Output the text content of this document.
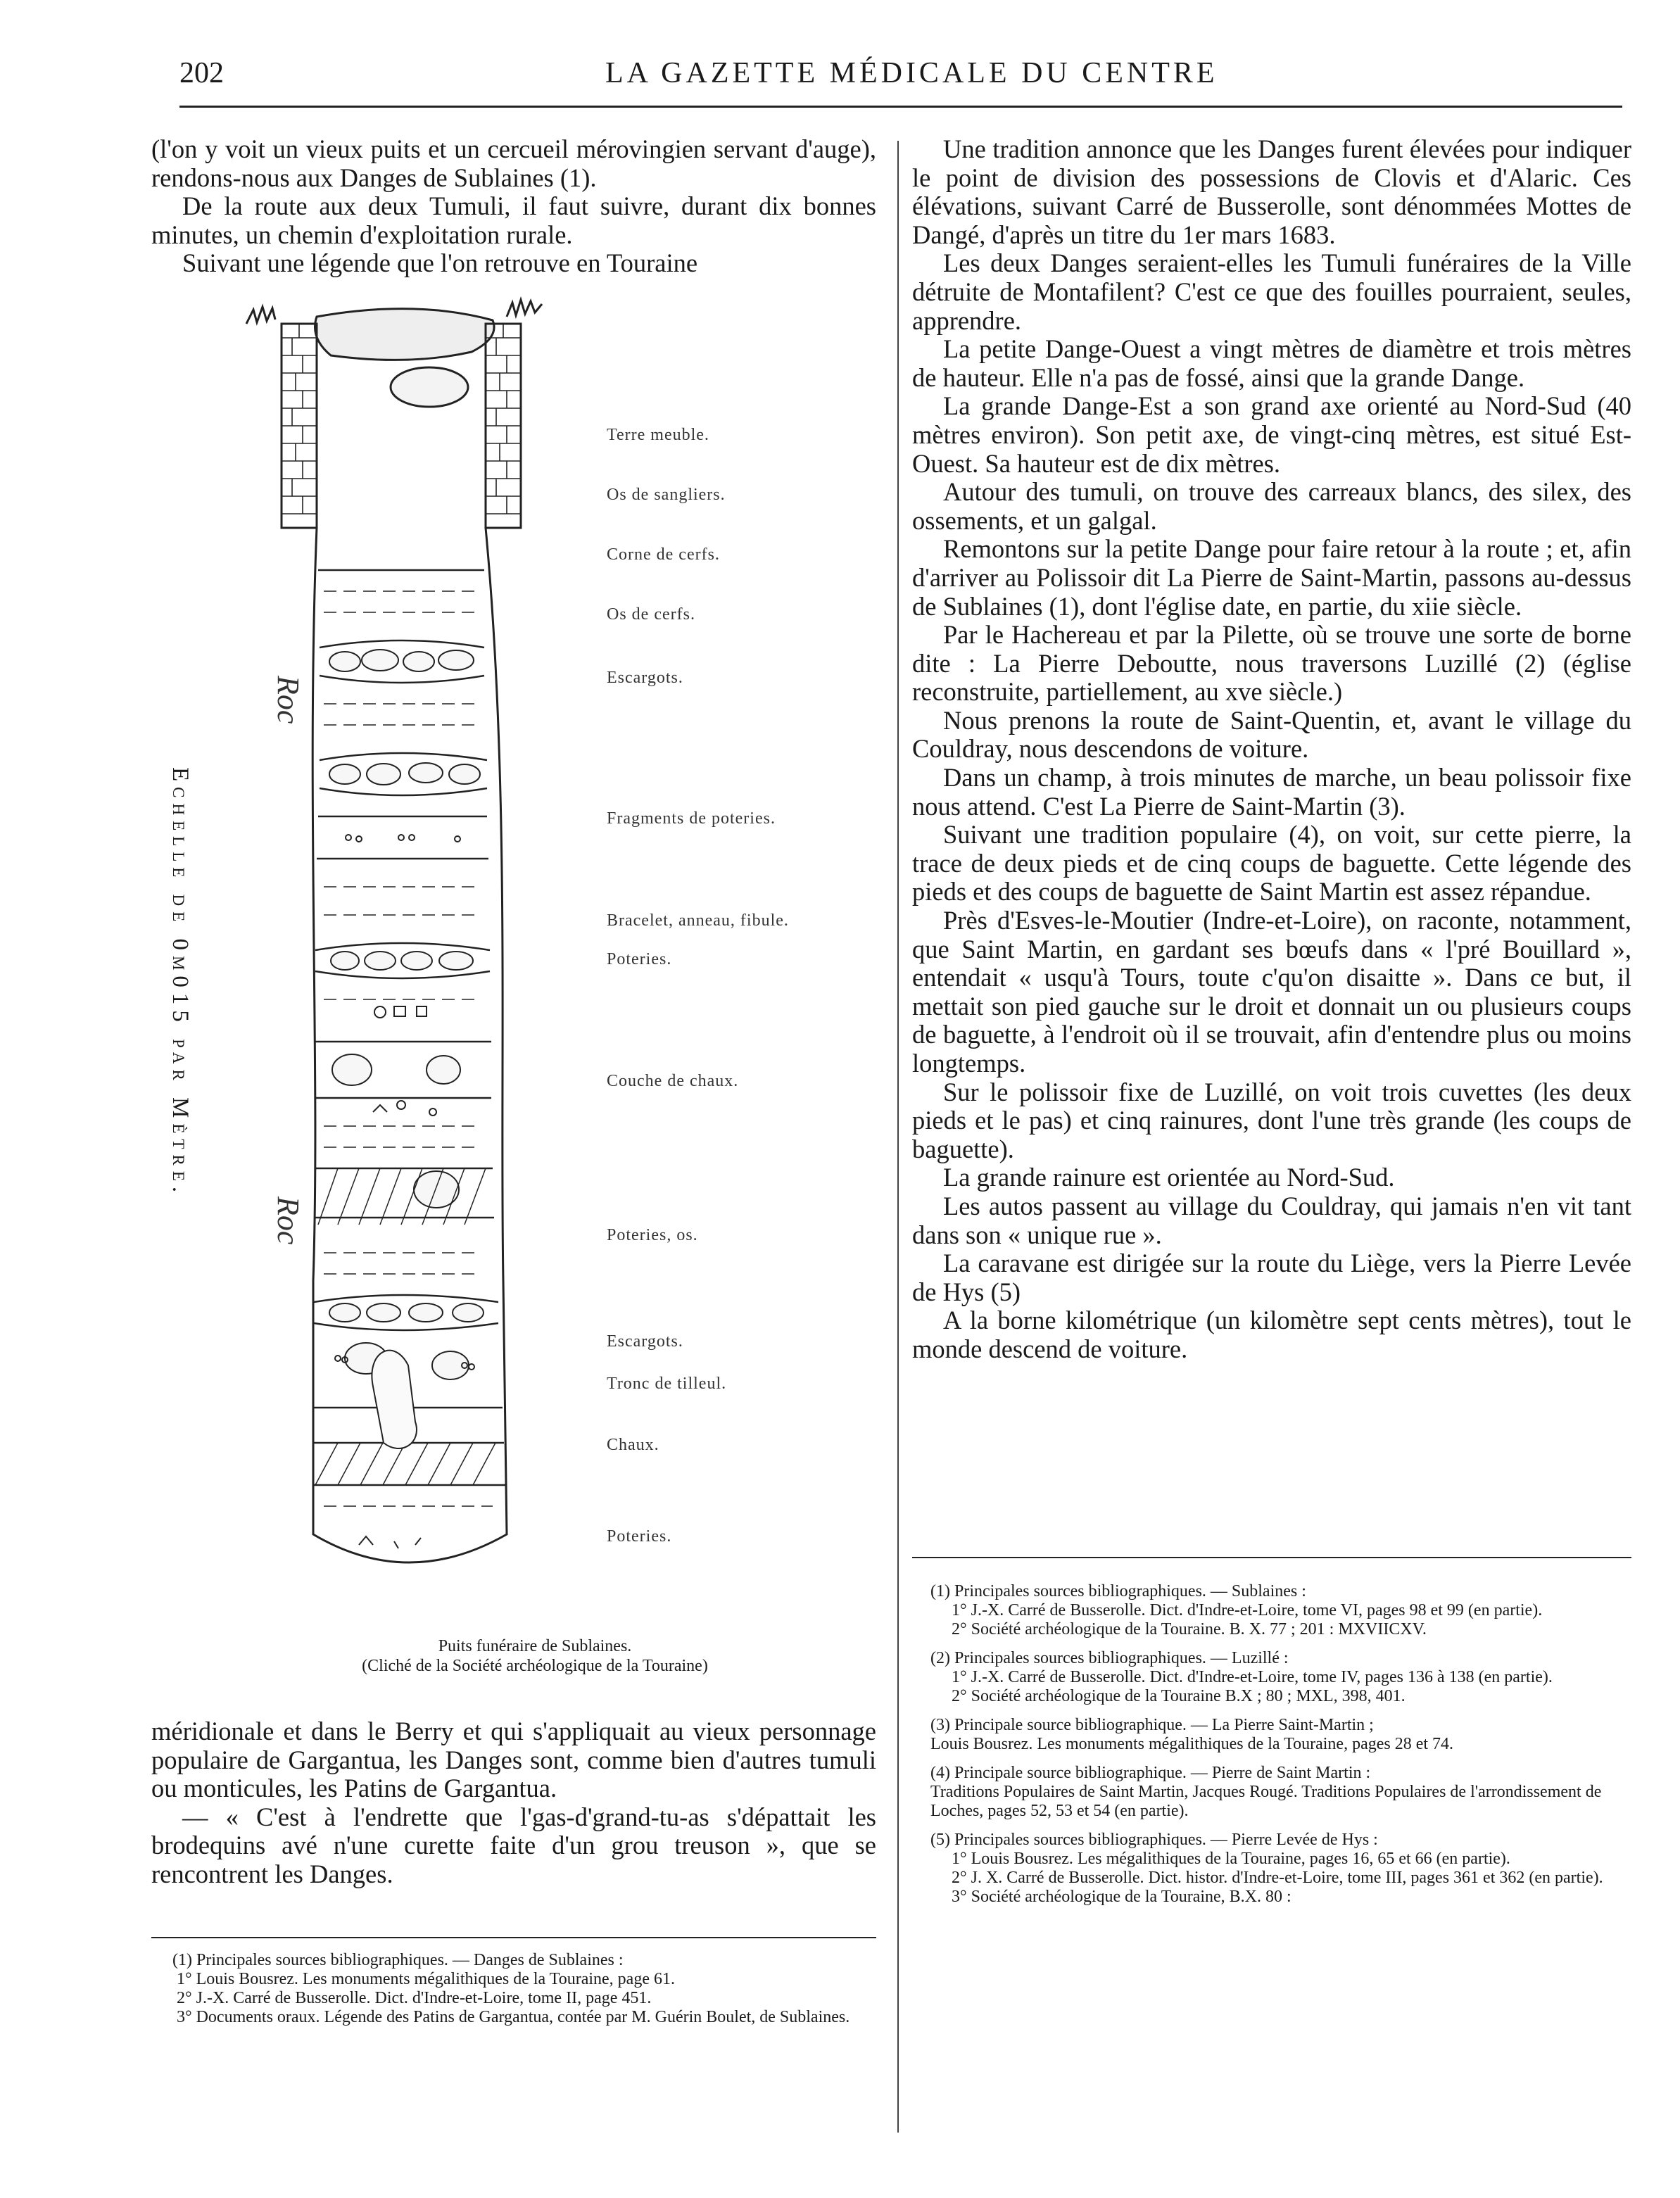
202	LA GAZETTE MÉDICALE DU CENTRE

(l'on y voit un vieux puits et un cercueil mérovingien servant d'auge), rendons-nous aux Danges de Sublaines (1).

De la route aux deux Tumuli, il faut suivre, durant dix bonnes minutes, un chemin d'exploitation rurale.

Suivant une légende que l'on retrouve en Touraine

Roc
Roc
Echelle de 0m015 par Mètre.
Terre meuble.
Os de sangliers.
Corne de cerfs.
Os de cerfs.
Escargots.
Fragments de poteries.
Bracelet, anneau, fibule.
Poteries.
Couche de chaux.
Poteries, os.
Escargots.
Tronc de tilleul.
Chaux.
Poteries.
Puits funéraire de Sublaines.
(Cliché de la Société archéologique de la Touraine)

méridionale et dans le Berry et qui s'appliquait au vieux personnage populaire de Gargantua, les Danges sont, comme bien d'autres tumuli ou monticules, les Patins de Gargantua.

— « C'est à l'endrette que l'gas-d'grand-tu-as s'dépattait les brodequins avé n'une curette faite d'un grou treuson », que se rencontrent les Danges.

(1) Principales sources bibliographiques. — Danges de Sublaines :

1° Louis Bousrez. Les monuments mégalithiques de la Touraine, page 61.

2° J.-X. Carré de Busserolle. Dict. d'Indre-et-Loire, tome II, page 451.

3° Documents oraux. Légende des Patins de Gargantua, contée par M. Guérin Boulet, de Sublaines.

Une tradition annonce que les Danges furent élevées pour indiquer le point de division des possessions de Clovis et d'Alaric. Ces élévations, suivant Carré de Busserolle, sont dénommées Mottes de Dangé, d'après un titre du 1er mars 1683.

Les deux Danges seraient-elles les Tumuli funéraires de la Ville détruite de Montafilent? C'est ce que des fouilles pourraient, seules, apprendre.

La petite Dange-Ouest a vingt mètres de diamètre et trois mètres de hauteur. Elle n'a pas de fossé, ainsi que la grande Dange.

La grande Dange-Est a son grand axe orienté au Nord-Sud (40 mètres environ). Son petit axe, de vingt-cinq mètres, est situé Est-Ouest. Sa hauteur est de dix mètres.

Autour des tumuli, on trouve des carreaux blancs, des silex, des ossements, et un galgal.

Remontons sur la petite Dange pour faire retour à la route ; et, afin d'arriver au Polissoir dit La Pierre de Saint-Martin, passons au-dessus de Sublaines (1), dont l'église date, en partie, du xiie siècle.

Par le Hachereau et par la Pilette, où se trouve une sorte de borne dite : La Pierre Deboutte, nous traversons Luzillé (2) (église reconstruite, partiellement, au xve siècle.)

Nous prenons la route de Saint-Quentin, et, avant le village du Couldray, nous descendons de voiture.

Dans un champ, à trois minutes de marche, un beau polissoir fixe nous attend. C'est La Pierre de Saint-Martin (3).

Suivant une tradition populaire (4), on voit, sur cette pierre, la trace de deux pieds et de cinq coups de baguette. Cette légende des pieds et des coups de baguette de Saint Martin est assez répandue.

Près d'Esves-le-Moutier (Indre-et-Loire), on raconte, notamment, que Saint Martin, en gardant ses bœufs dans « l'pré Bouillard », entendait « usqu'à Tours, toute c'qu'on disaitte ». Dans ce but, il mettait son pied gauche sur le droit et donnait un ou plusieurs coups de baguette, à l'endroit où il se trouvait, afin d'entendre plus ou moins longtemps.

Sur le polissoir fixe de Luzillé, on voit trois cuvettes (les deux pieds et le pas) et cinq rainures, dont l'une très grande (les coups de baguette).

La grande rainure est orientée au Nord-Sud.

Les autos passent au village du Couldray, qui jamais n'en vit tant dans son « unique rue ».

La caravane est dirigée sur la route du Liège, vers la Pierre Levée de Hys (5)

A la borne kilométrique (un kilomètre sept cents mètres), tout le monde descend de voiture.

(1) Principales sources bibliographiques. — Sublaines :

1° J.-X. Carré de Busserolle. Dict. d'Indre-et-Loire, tome VI, pages 98 et 99 (en partie).

2° Société archéologique de la Touraine. B. X. 77 ; 201 : MXVIICXV.

(2) Principales sources bibliographiques. — Luzillé :

1° J.-X. Carré de Busserolle. Dict. d'Indre-et-Loire, tome IV, pages 136 à 138 (en partie).

2° Société archéologique de la Touraine B.X ; 80 ; MXL, 398, 401.

(3) Principale source bibliographique. — La Pierre Saint-Martin ;

Louis Bousrez. Les monuments mégalithiques de la Touraine, pages 28 et 74.

(4) Principale source bibliographique. — Pierre de Saint Martin :

Traditions Populaires de Saint Martin, Jacques Rougé. Traditions Populaires de l'arrondissement de Loches, pages 52, 53 et 54 (en partie).

(5) Principales sources bibliographiques. — Pierre Levée de Hys :

1° Louis Bousrez. Les mégalithiques de la Touraine, pages 16, 65 et 66 (en partie).

2° J. X. Carré de Busserolle. Dict. histor. d'Indre-et-Loire, tome III, pages 361 et 362 (en partie).

3° Société archéologique de la Touraine, B.X. 80 :
